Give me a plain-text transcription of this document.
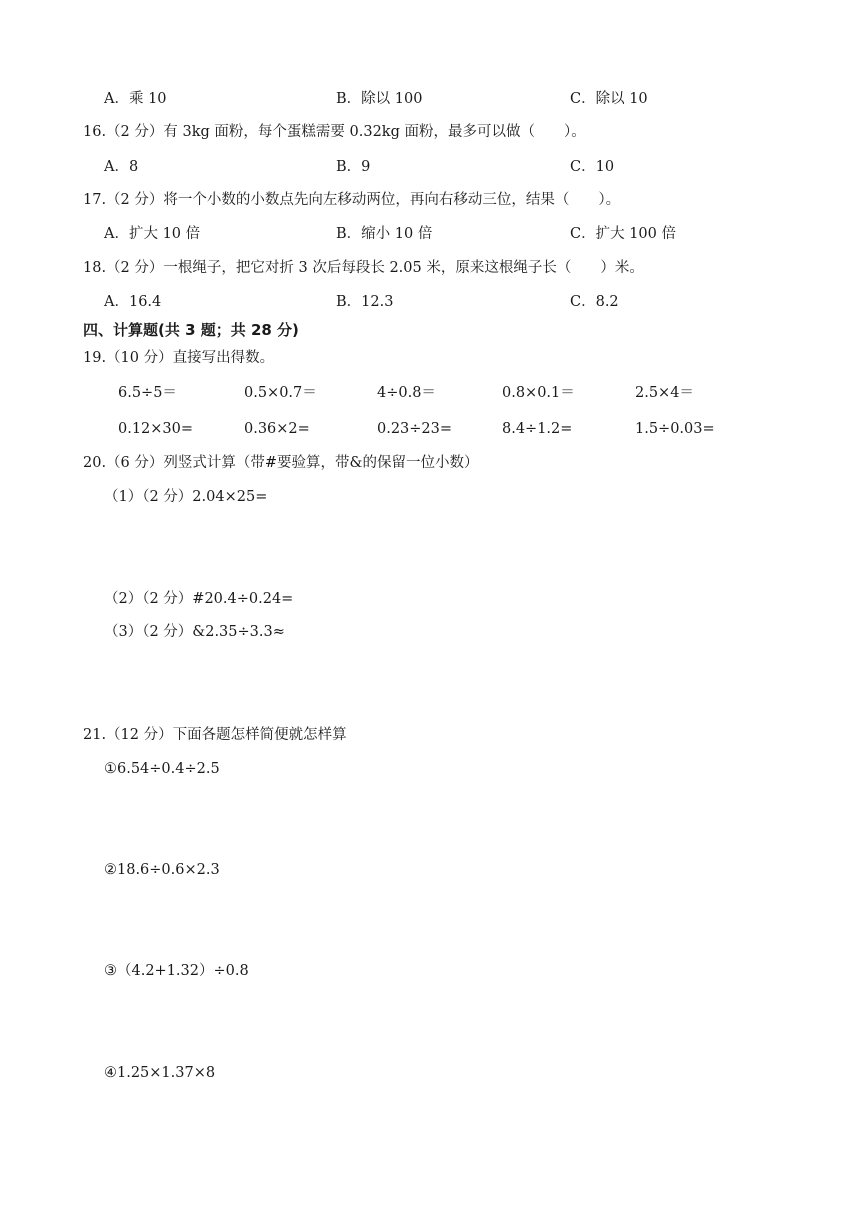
A．乘 10	B．除以 100	C．除以 10
16.（2 分）有 3kg 面粉，每个蛋糕需要 0.32kg 面粉，最多可以做（　　）。
A．8	B．9	C．10
17.（2 分）将一个小数的小数点先向左移动两位，再向右移动三位，结果（　　）。
A．扩大 10 倍	B．缩小 10 倍	C．扩大 100 倍
18.（2 分）一根绳子，把它对折 3 次后每段长 2.05 米，原来这根绳子长（　　）米。
A．16.4	B．12.3	C．8.2
四、计算题(共 3 题；共 28 分)
19.（10 分）直接写出得数。
6.5÷5＝	0.5×0.7＝	4÷0.8＝	0.8×0.1＝	2.5×4＝
0.12×30=	0.36×2=	0.23÷23=	8.4÷1.2=	1.5÷0.03=
20.（6 分）列竖式计算（带#要验算，带&的保留一位小数）
（1）（2 分）2.04×25=
（2）（2 分）#20.4÷0.24=
（3）（2 分）&2.35÷3.3≈
21.（12 分）下面各题怎样简便就怎样算
①6.54÷0.4÷2.5
②18.6÷0.6×2.3
③（4.2+1.32）÷0.8
④1.25×1.37×8
